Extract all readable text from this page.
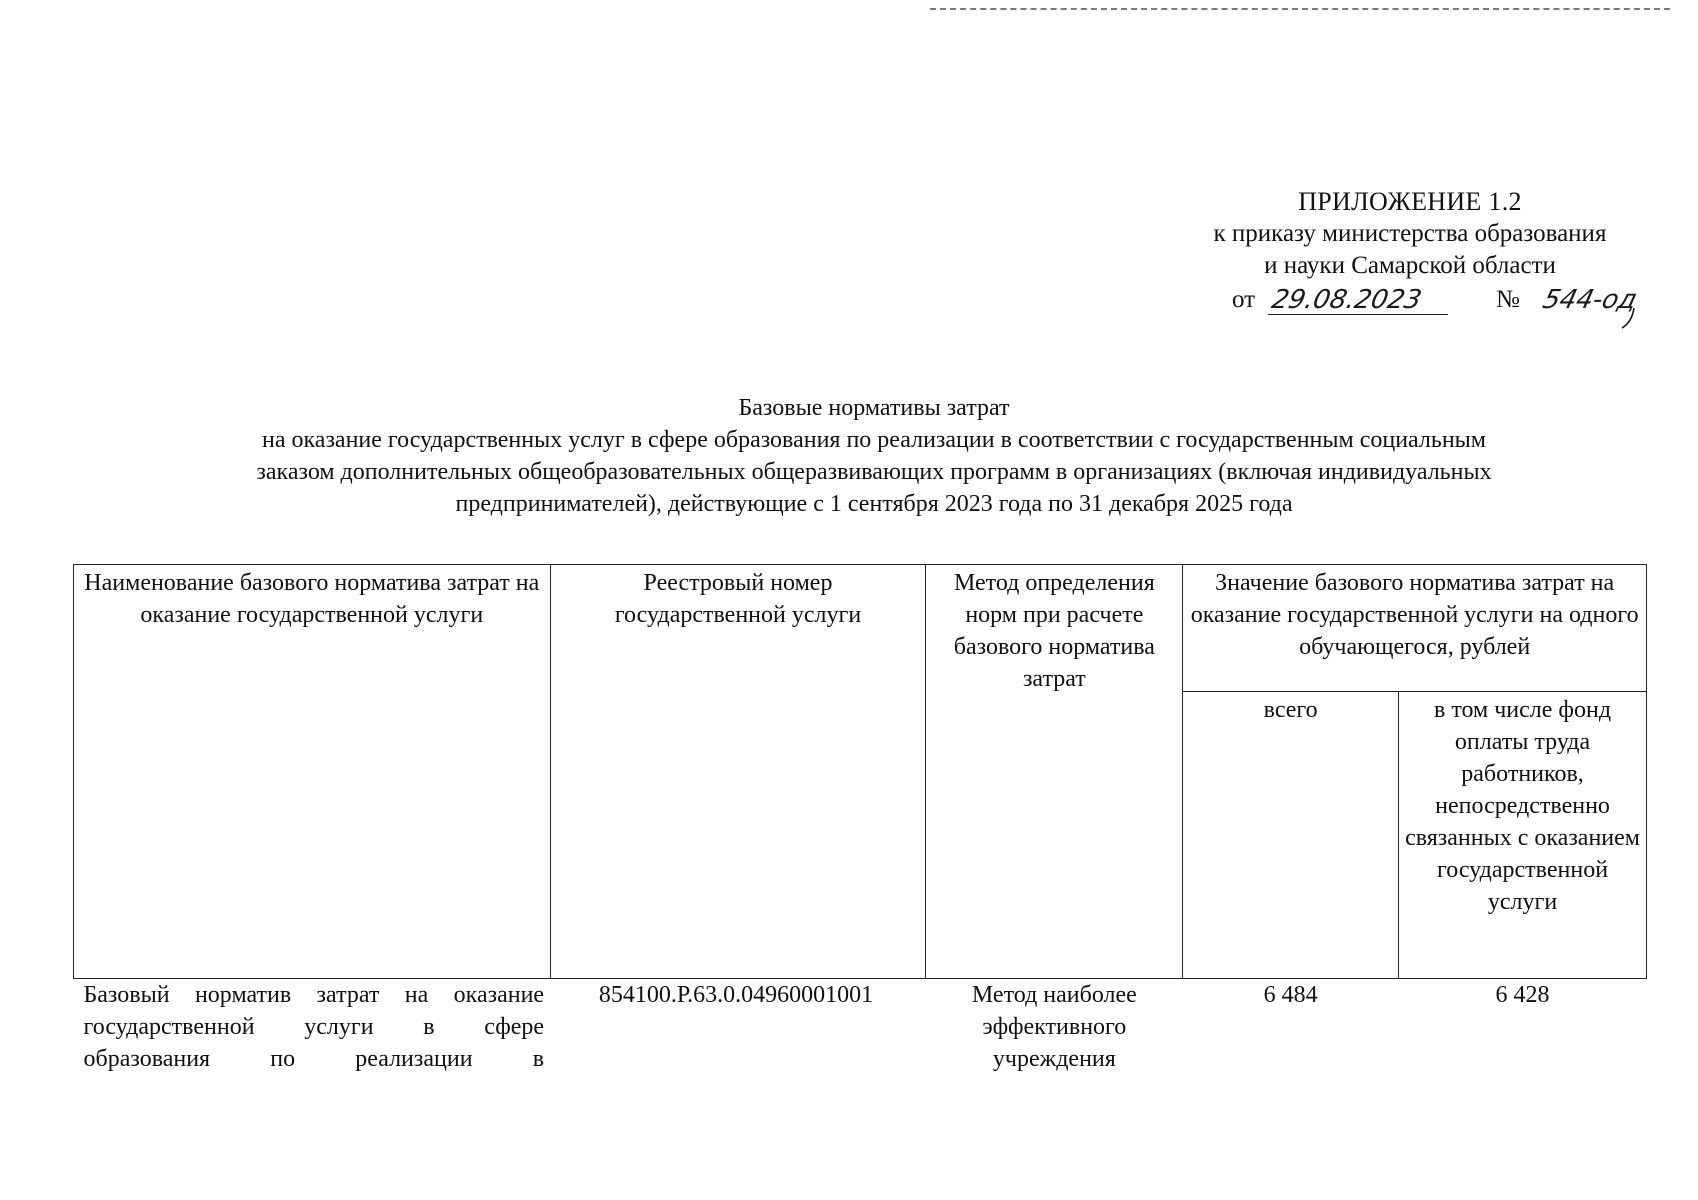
ПРИЛОЖЕНИЕ 1.2
к приказу министерства образования
и науки Самарской области
от 29.08.2023	№ 544-од
Базовые нормативы затрат
на оказание государственных услуг в сфере образования по реализации в соответствии с государственным социальным
заказом дополнительных общеобразовательных общеразвивающих программ в организациях (включая индивидуальных
предпринимателей), действующие с 1 сентября 2023 года по 31 декабря 2025 года
Наименование базового норматива затрат на оказание государственной услуги	Реестровый номер государственной услуги	Метод определения норм при расчете базового норматива затрат	Значение базового норматива затрат на оказание государственной услуги на одного обучающегося, рублей	
			всего	в том числе фонд оплаты труда работников, непосредственно связанных с оказанием государственной услуги

Базовый норматив затрат на оказание
государственной услуги в сфере
образования по реализации в	854100.Р.63.0.04960001001	Метод наиболее эффективного учреждения	6 484	6 428
